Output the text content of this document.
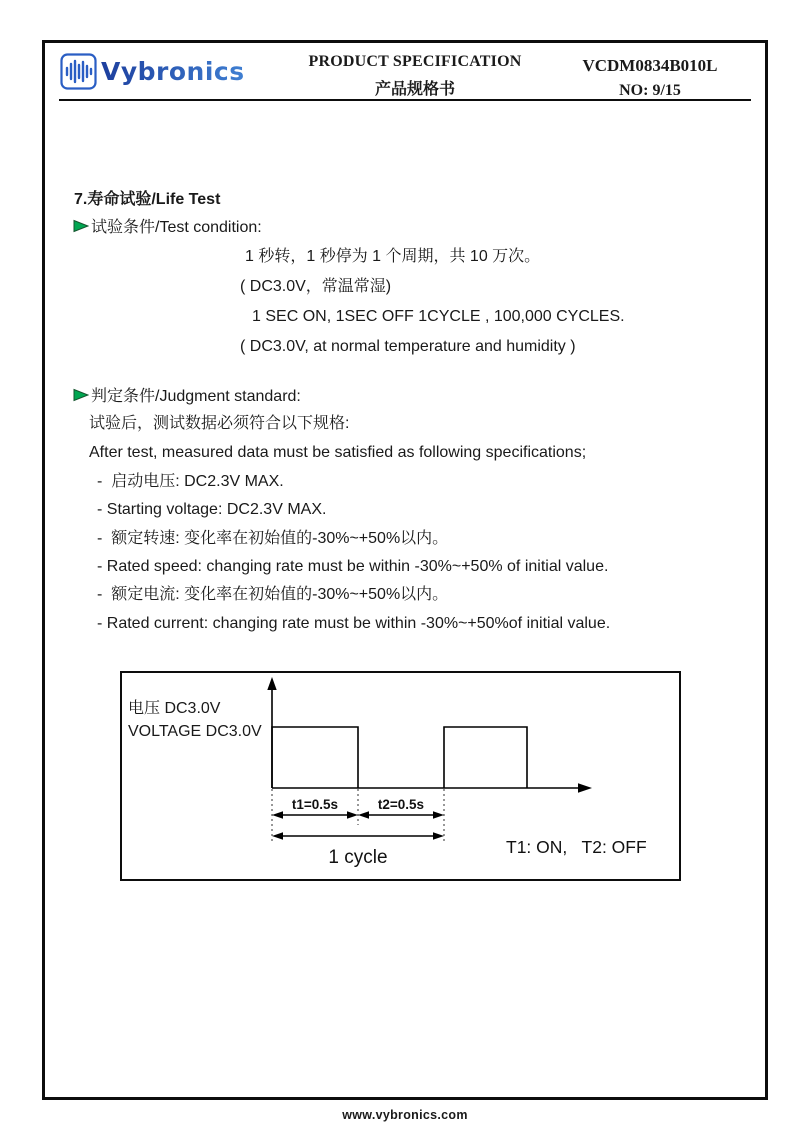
Vybronics	PRODUCT SPECIFICATION
产品规格书
VCDM0834B010L
NO: 9/15
7.寿命试验/Life Test
试验条件/Test condition:
1 秒转，1 秒停为 1 个周期，共 10 万次。
( DC3.0V，常温常湿)
1 SEC ON, 1SEC OFF 1CYCLE , 100,000 CYCLES.
( DC3.0V, at normal temperature and humidity )
判定条件/Judgment standard:
试验后，测试数据必须符合以下规格:
After test, measured data must be satisfied as following specifications;
-  启动电压: DC2.3V MAX.
- Starting voltage: DC2.3V MAX.
-  额定转速: 变化率在初始值的-30%~+50%以内。
- Rated speed: changing rate must be within -30%~+50% of initial value.
-  额定电流: 变化率在初始值的-30%~+50%以内。
- Rated current: changing rate must be within -30%~+50%of initial value.
电压 DC3.0V
VOLTAGE DC3.0V
t1=0.5s	t2=0.5s
1 cycle	T1: ON,   T2: OFF
www.vybronics.com
